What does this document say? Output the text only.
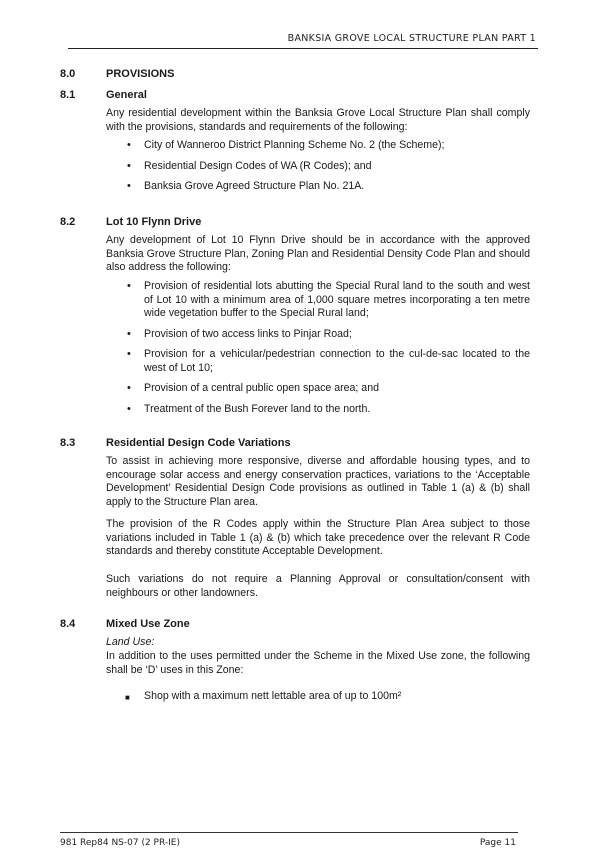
BANKSIA GROVE LOCAL STRUCTURE PLAN PART 1
8.0	PROVISIONS
8.1	General
Any residential development within the Banksia Grove Local Structure Plan shall comply with the provisions, standards and requirements of the following:
• City of Wanneroo District Planning Scheme No. 2 (the Scheme);
• Residential Design Codes of WA (R Codes); and
• Banksia Grove Agreed Structure Plan No. 21A.
8.2	Lot 10 Flynn Drive
Any development of Lot 10 Flynn Drive should be in accordance with the approved Banksia Grove Structure Plan, Zoning Plan and Residential Density Code Plan and should also address the following:
• Provision of residential lots abutting the Special Rural land to the south and west of Lot 10 with a minimum area of 1,000 square metres incorporating a ten metre wide vegetation buffer to the Special Rural land;
• Provision of two access links to Pinjar Road;
• Provision for a vehicular/pedestrian connection to the cul-de-sac located to the west of Lot 10;
• Provision of a central public open space area; and
• Treatment of the Bush Forever land to the north.
8.3	Residential Design Code Variations
To assist in achieving more responsive, diverse and affordable housing types, and to encourage solar access and energy conservation practices, variations to the ‘Acceptable Development’ Residential Design Code provisions as outlined in Table 1 (a) & (b) shall apply to the Structure Plan area.
The provision of the R Codes apply within the Structure Plan Area subject to those variations included in Table 1 (a) & (b) which take precedence over the relevant R Code standards and thereby constitute Acceptable Development.
Such variations do not require a Planning Approval or consultation/consent with neighbours or other landowners.
8.4	Mixed Use Zone
Land Use:
In addition to the uses permitted under the Scheme in the Mixed Use zone, the following shall be ‘D’ uses in this Zone:
■ Shop with a maximum nett lettable area of up to 100m²
981 Rep84 NS-07 (2 PR-IE)	Page 11
